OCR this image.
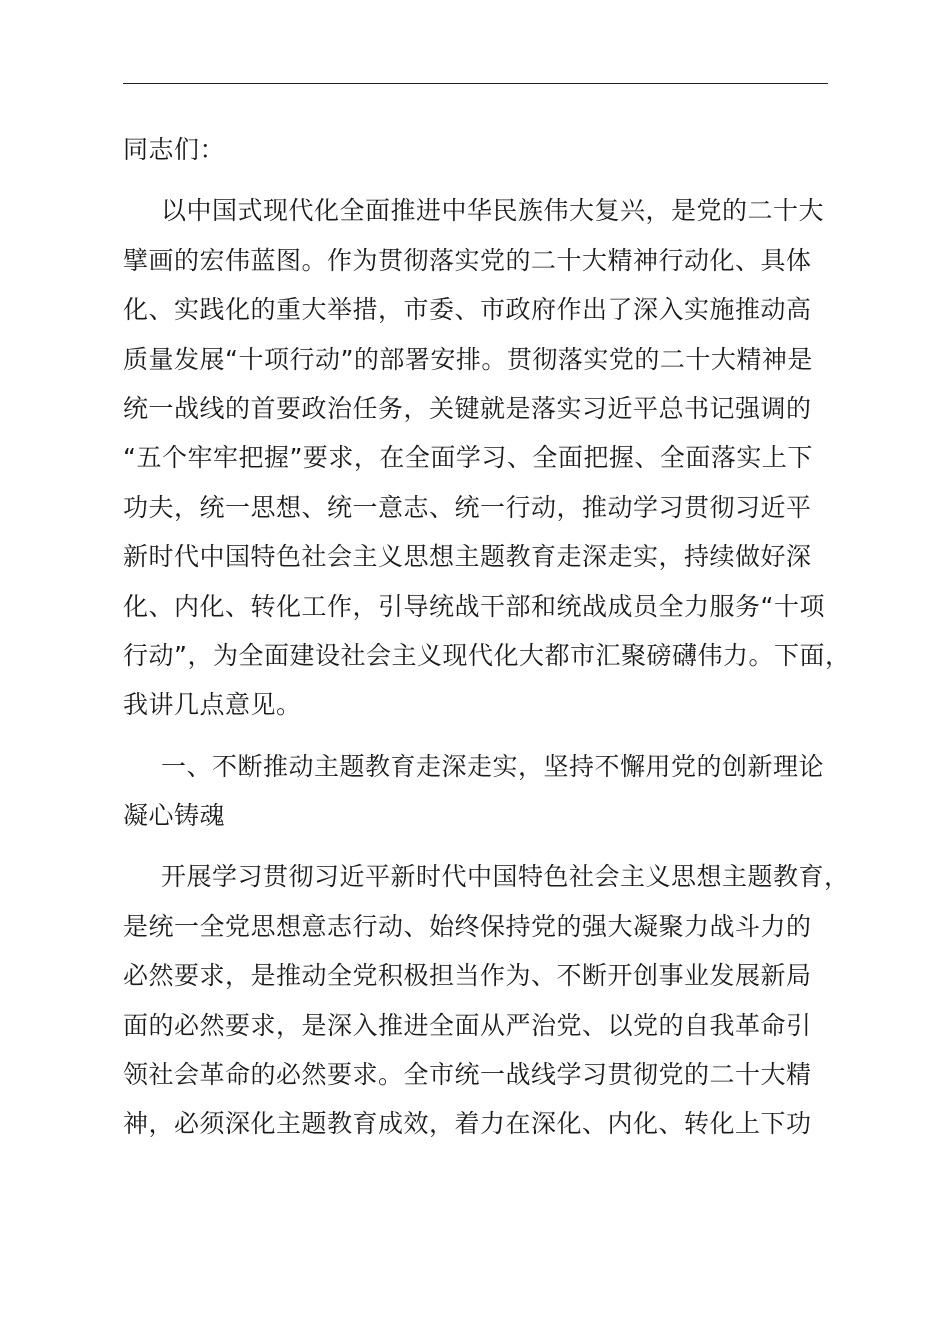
同志们：
以中国式现代化全面推进中华民族伟大复兴，是党的二十大
擘画的宏伟蓝图。作为贯彻落实党的二十大精神行动化、具体
化、实践化的重大举措，市委、市政府作出了深入实施推动高
质量发展“十项行动”的部署安排。贯彻落实党的二十大精神是
统一战线的首要政治任务，关键就是落实习近平总书记强调的
“五个牢牢把握”要求，在全面学习、全面把握、全面落实上下
功夫，统一思想、统一意志、统一行动，推动学习贯彻习近平
新时代中国特色社会主义思想主题教育走深走实，持续做好深
化、内化、转化工作，引导统战干部和统战成员全力服务“十项
行动”，为全面建设社会主义现代化大都市汇聚磅礴伟力。下面，
我讲几点意见。
一、不断推动主题教育走深走实，坚持不懈用党的创新理论
凝心铸魂
开展学习贯彻习近平新时代中国特色社会主义思想主题教育，
是统一全党思想意志行动、始终保持党的强大凝聚力战斗力的
必然要求，是推动全党积极担当作为、不断开创事业发展新局
面的必然要求，是深入推进全面从严治党、以党的自我革命引
领社会革命的必然要求。全市统一战线学习贯彻党的二十大精
神，必须深化主题教育成效，着力在深化、内化、转化上下功
